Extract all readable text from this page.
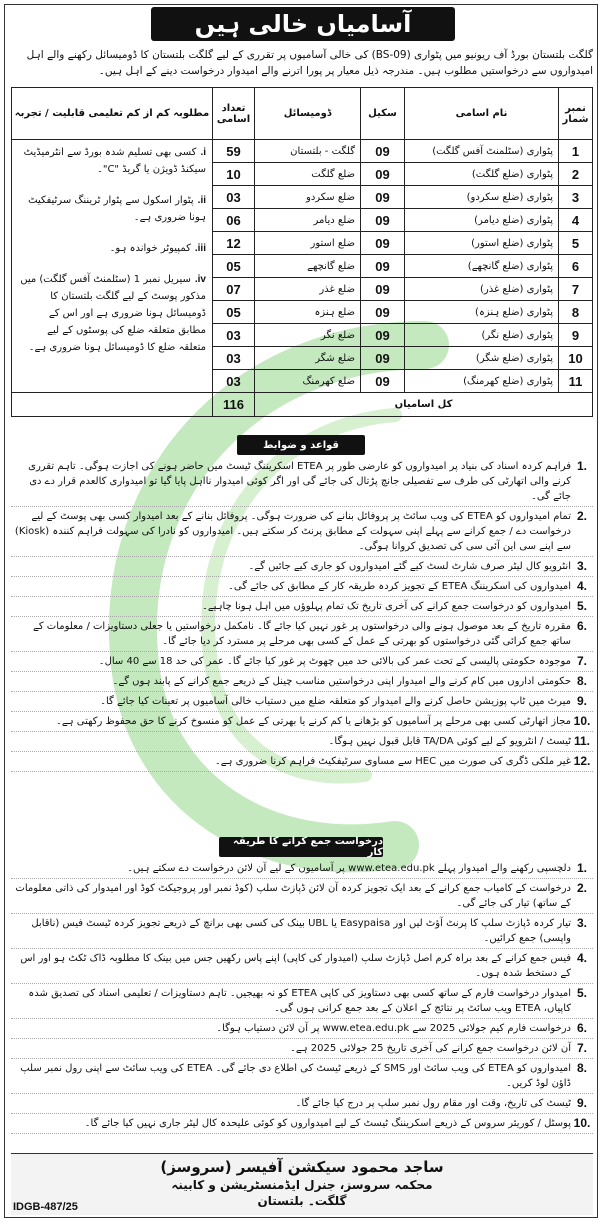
آسامیاں خالی ہیں
گلگت بلتستان بورڈ آف ریونیو میں پٹواری (BS-09) کی خالی آسامیوں پر تقرری کے لیے گلگت بلتستان کا ڈومیسائل رکھنے والے اہل امیدواروں سے درخواستیں مطلوب ہیں۔ مندرجہ ذیل معیار پر پورا اترنے والے امیدوار درخواست دینے کے اہل ہیں۔
نمبر شمار	نام اسامی	سکیل	ڈومیسائل	تعداد اسامی	مطلوبہ کم از کم تعلیمی قابلیت / تجربہ
1	پٹواری (سٹلمنٹ آفس گلگت)	09	گلگت - بلتستان	59	i.کسی بھی تسلیم شدہ بورڈ سے انٹرمیڈیٹ سیکنڈ ڈویژن یا گریڈ "C"۔
ii.پٹوار اسکول سے پٹوار ٹریننگ سرٹیفکیٹ ہونا ضروری ہے۔
iii.کمپیوٹر خواندہ ہو۔
iv.سیریل نمبر 1 (سٹلمنٹ آفس گلگت) میں مذکور پوسٹ کے لیے گلگت بلتستان کا ڈومیسائل ہونا ضروری ہے اور اس کے مطابق متعلقہ ضلع کی پوسٹوں کے لیے متعلقہ ضلع کا ڈومیسائل ہونا ضروری ہے۔

2	پٹواری (ضلع گلگت)	09	ضلع گلگت	10	
3	پٹواری (ضلع سکردو)	09	ضلع سکردو	03	
4	پٹواری (ضلع دیامر)	09	ضلع دیامر	06	
5	پٹواری (ضلع استور)	09	ضلع استور	12	
6	پٹواری (ضلع گانچھے)	09	ضلع گانچھے	05	
7	پٹواری (ضلع غذر)	09	ضلع غذر	07	
8	پٹواری (ضلع ہنزہ)	09	ضلع ہنزہ	05	
9	پٹواری (ضلع نگر)	09	ضلع نگر	03	
10	پٹواری (ضلع شگر)	09	ضلع شگر	03	
11	پٹواری (ضلع کھرمنگ)	09	ضلع کھرمنگ	03	
کل اسامیاں				116	
قواعد و ضوابط
1.
فراہم کردہ اسناد کی بنیاد پر امیدواروں کو عارضی طور پر ETEA اسکریننگ ٹیسٹ میں حاضر ہونے کی اجازت ہوگی۔ تاہم تقرری کرنے والی اتھارٹی کی طرف سے تفصیلی جانچ پڑتال کی جائے گی اور اگر کوئی امیدوار نااہل پایا گیا تو امیدواری کالعدم قرار دے دی جائے گی۔
2.
تمام امیدواروں کو ETEA کی ویب سائٹ پر پروفائل بنانے کی ضرورت ہوگی۔ پروفائل بنانے کے بعد امیدوار کسی بھی پوسٹ کے لیے درخواست دے / جمع کرانے سے پہلے اپنی سہولت کے مطابق پرنٹ کر سکتے ہیں۔ امیدواروں کو نادرا کی سہولت فراہم کنندہ (Kiosk) سے اپنے سی این آئی سی کی تصدیق کروانا ہوگی۔
3.
انٹرویو کال لیٹر صرف شارٹ لسٹ کیے گئے امیدواروں کو جاری کیے جائیں گے۔
4.
امیدواروں کی اسکریننگ ETEA کے تجویز کردہ طریقہ کار کے مطابق کی جائے گی۔
5.
امیدواروں کو درخواست جمع کرانے کی آخری تاریخ تک تمام پہلوؤں میں اہل ہونا چاہیے۔
6.
مقررہ تاریخ کے بعد موصول ہونے والی درخواستوں پر غور نہیں کیا جائے گا۔ نامکمل درخواستیں یا جعلی دستاویزات / معلومات کے ساتھ جمع کرائی گئی درخواستوں کو بھرتی کے عمل کے کسی بھی مرحلے پر مسترد کر دیا جائے گا۔
7.
موجودہ حکومتی پالیسی کے تحت عمر کی بالائی حد میں چھوٹ پر غور کیا جائے گا۔ عمر کی حد 18 سے 40 سال۔
8.
حکومتی اداروں میں کام کرنے والے امیدوار اپنی درخواستیں مناسب چینل کے ذریعے جمع کرانے کے پابند ہوں گے۔
9.
میرٹ میں ٹاپ پوزیشن حاصل کرنے والے امیدوار کو متعلقہ ضلع میں دستیاب خالی آسامیوں پر تعینات کیا جائے گا۔
10.
مجاز اتھارٹی کسی بھی مرحلے پر آسامیوں کو بڑھانے یا کم کرنے یا بھرتی کے عمل کو منسوخ کرنے کا حق محفوظ رکھتی ہے۔
11.
ٹیسٹ / انٹرویو کے لیے کوئی TA/DA قابل قبول نہیں ہوگا۔
12.
غیر ملکی ڈگری کی صورت میں HEC سے مساوی سرٹیفکیٹ فراہم کرنا ضروری ہے۔
درخواست جمع کرانے کا طریقہ کار
1.
دلچسپی رکھنے والے امیدوار پہلے www.etea.edu.pk پر آسامیوں کے لیے آن لائن درخواست دے سکتے ہیں۔
2.
درخواست کے کامیاب جمع کرانے کے بعد ایک تجویز کردہ آن لائن ڈپازٹ سلپ (کوڈ نمبر اور پروجیکٹ کوڈ اور امیدوار کی ذاتی معلومات کے ساتھ) تیار کی جائے گی۔
3.
تیار کردہ ڈپازٹ سلپ کا پرنٹ آؤٹ لیں اور Easypaisa یا UBL بینک کی کسی بھی برانچ کے ذریعے تجویز کردہ ٹیسٹ فیس (ناقابل واپسی) جمع کرائیں۔
4.
فیس جمع کرانے کے بعد براہ کرم اصل ڈپازٹ سلپ (امیدوار کی کاپی) اپنے پاس رکھیں جس میں بینک کا مطلوبہ ڈاک ٹکٹ ہو اور اس کے دستخط شدہ ہوں۔
5.
امیدوار درخواست فارم کے ساتھ کسی بھی دستاویز کی کاپی ETEA کو نہ بھیجیں۔ تاہم دستاویزات / تعلیمی اسناد کی تصدیق شدہ کاپیاں، ETEA ویب سائٹ پر نتائج کے اعلان کے بعد جمع کرانی ہوں گی۔
6.
درخواست فارم کیم جولائی 2025 سے www.etea.edu.pk پر آن لائن دستیاب ہوگا۔
7.
آن لائن درخواست جمع کرانے کی آخری تاریخ 25 جولائی 2025 ہے۔
8.
امیدواروں کو ETEA کی ویب سائٹ اور SMS کے ذریعے ٹیسٹ کی اطلاع دی جائے گی۔ ETEA کی ویب سائٹ سے اپنی رول نمبر سلپ ڈاؤن لوڈ کریں۔
9.
ٹیسٹ کی تاریخ، وقت اور مقام رول نمبر سلپ پر درج کیا جائے گا۔
10.
پوسٹل / کوریئر سروس کے ذریعے اسکریننگ ٹیسٹ کے لیے امیدواروں کو کوئی علیحدہ کال لیٹر جاری نہیں کیا جائے گا۔
ساجد محمود سیکشن آفیسر (سروسز)
محکمہ سروسز، جنرل ایڈمنسٹریشن و کابینہ
گلگت۔ بلتستان
IDGB-487/25
